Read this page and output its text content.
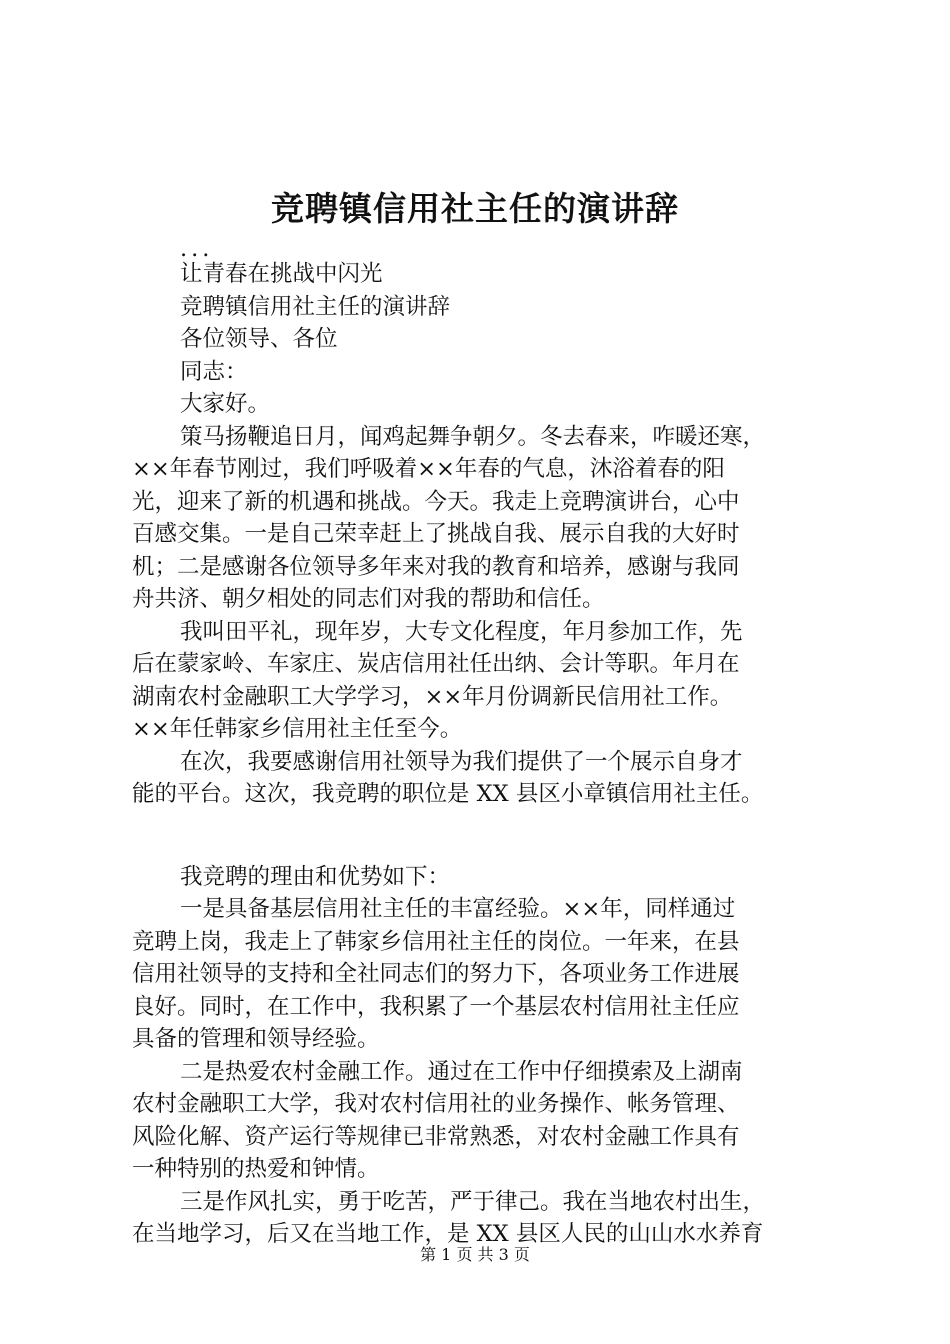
竞聘镇信用社主任的演讲辞

...

让青春在挑战中闪光

竞聘镇信用社主任的演讲辞

各位领导、各位

同志：

大家好。

策马扬鞭追日月，闻鸡起舞争朝夕。冬去春来，咋暖还寒，

××年春节刚过，我们呼吸着××年春的气息，沐浴着春的阳

光，迎来了新的机遇和挑战。今天。我走上竞聘演讲台，心中

百感交集。一是自己荣幸赶上了挑战自我、展示自我的大好时

机；二是感谢各位领导多年来对我的教育和培养，感谢与我同

舟共济、朝夕相处的同志们对我的帮助和信任。

我叫田平礼，现年岁，大专文化程度，年月参加工作，先

后在蒙家岭、车家庄、炭店信用社任出纳、会计等职。年月在

湖南农村金融职工大学学习，××年月份调新民信用社工作。

××年任韩家乡信用社主任至今。

在次，我要感谢信用社领导为我们提供了一个展示自身才

能的平台。这次，我竞聘的职位是 XX 县区小章镇信用社主任。

我竞聘的理由和优势如下：

一是具备基层信用社主任的丰富经验。××年，同样通过

竞聘上岗，我走上了韩家乡信用社主任的岗位。一年来，在县

信用社领导的支持和全社同志们的努力下，各项业务工作进展

良好。同时，在工作中，我积累了一个基层农村信用社主任应

具备的管理和领导经验。

二是热爱农村金融工作。通过在工作中仔细摸索及上湖南

农村金融职工大学，我对农村信用社的业务操作、帐务管理、

风险化解、资产运行等规律已非常熟悉，对农村金融工作具有

一种特别的热爱和钟情。

三是作风扎实，勇于吃苦，严于律己。我在当地农村出生，

在当地学习，后又在当地工作，是 XX 县区人民的山山水水养育

第 1 页 共 3 页
